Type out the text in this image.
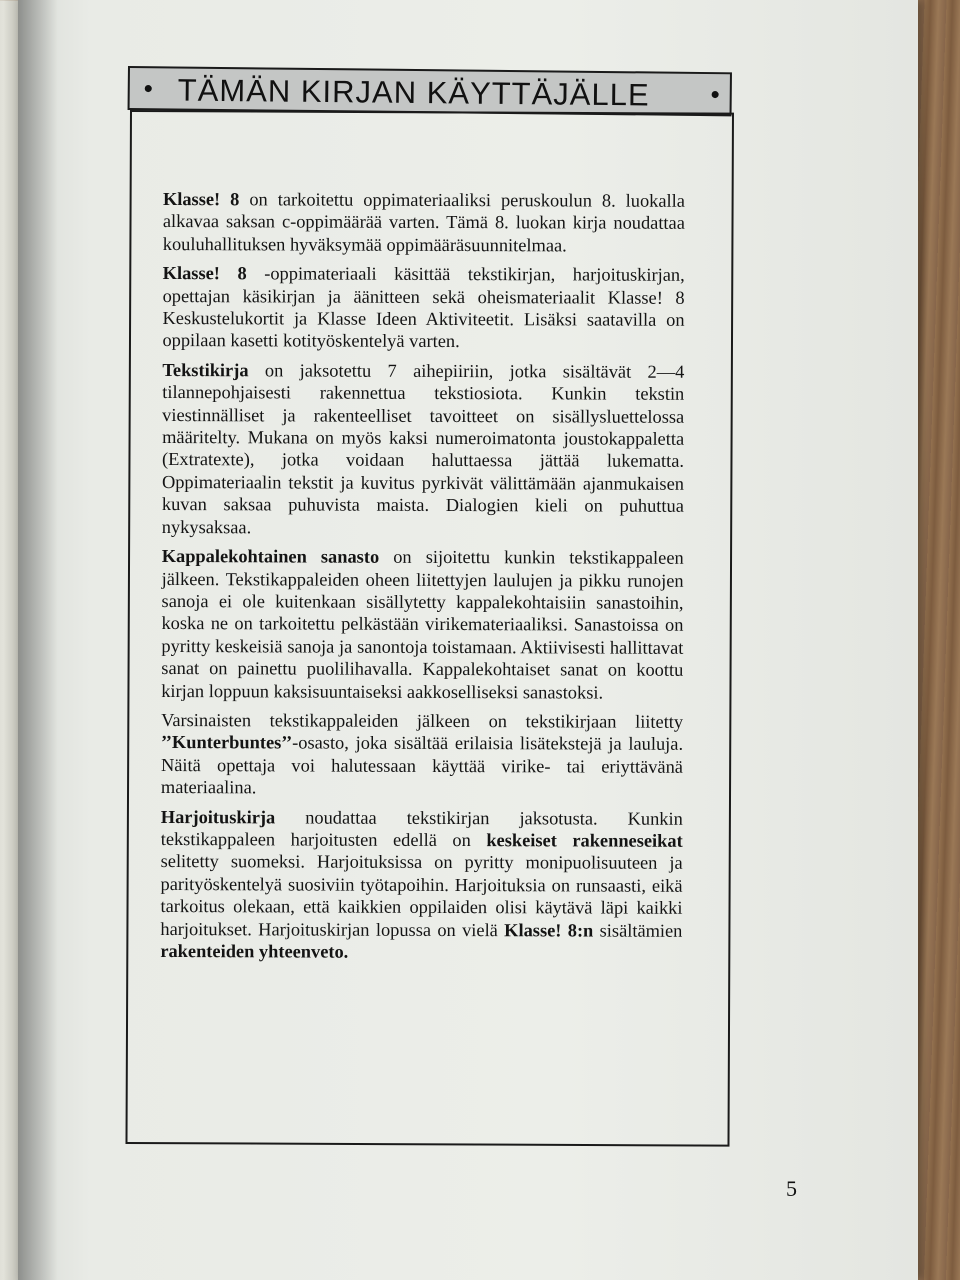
• TÄMÄN KIRJAN KÄYTTÄJÄLLE •

Klasse! 8 on tarkoitettu oppimateriaaliksi peruskoulun 8. luokalla alkavaa saksan c-oppimäärää varten. Tämä 8. luokan kirja noudattaa kouluhallituksen hyväksymää oppimääräsuunnitelmaa.

Klasse! 8 -oppimateriaali käsittää tekstikirjan, harjoituskirjan, opettajan käsikirjan ja äänitteen sekä oheismateriaalit Klasse! 8 Keskustelukortit ja Klasse Ideen Aktiviteetit. Lisäksi saatavilla on oppilaan kasetti kotityöskentelyä varten.

Tekstikirja on jaksotettu 7 aihepiiriin, jotka sisältävät 2—4 tilannepohjaisesti rakennettua tekstiosiota. Kunkin tekstin viestinnälliset ja rakenteelliset tavoitteet on sisällysluettelossa määritelty. Mukana on myös kaksi numeroimatonta joustokappaletta (Extratexte), jotka voidaan haluttaessa jättää lukematta. Oppimateriaalin tekstit ja kuvitus pyrkivät välittämään ajanmukaisen kuvan saksaa puhuvista maista. Dialogien kieli on puhuttua nykysaksaa.

Kappalekohtainen sanasto on sijoitettu kunkin tekstikappaleen jälkeen. Tekstikappaleiden oheen liitettyjen laulujen ja pikku runojen sanoja ei ole kuitenkaan sisällytetty kappalekohtaisiin sanastoihin, koska ne on tarkoitettu pelkästään virikemateriaaliksi. Sanastoissa on pyritty keskeisiä sanoja ja sanontoja toistamaan. Aktiivisesti hallittavat sanat on painettu puolilihavalla. Kappalekohtaiset sanat on koottu kirjan loppuun kaksisuuntaiseksi aakkoselliseksi sanastoksi.

Varsinaisten tekstikappaleiden jälkeen on tekstikirjaan liitetty ’’Kunterbuntes’’-osasto, joka sisältää erilaisia lisätekstejä ja lauluja. Näitä opettaja voi halutessaan käyttää virike- tai eriyttävänä materiaalina.

Harjoituskirja noudattaa tekstikirjan jaksotusta. Kunkin tekstikappaleen harjoitusten edellä on keskeiset rakenneseikat selitetty suomeksi. Harjoituksissa on pyritty monipuolisuuteen ja parityöskentelyä suosiviin työtapoihin. Harjoituksia on runsaasti, eikä tarkoitus olekaan, että kaikkien oppilaiden olisi käytävä läpi kaikki harjoitukset. Harjoituskirjan lopussa on vielä Klasse! 8:n sisältämien rakenteiden yhteenveto.

5
